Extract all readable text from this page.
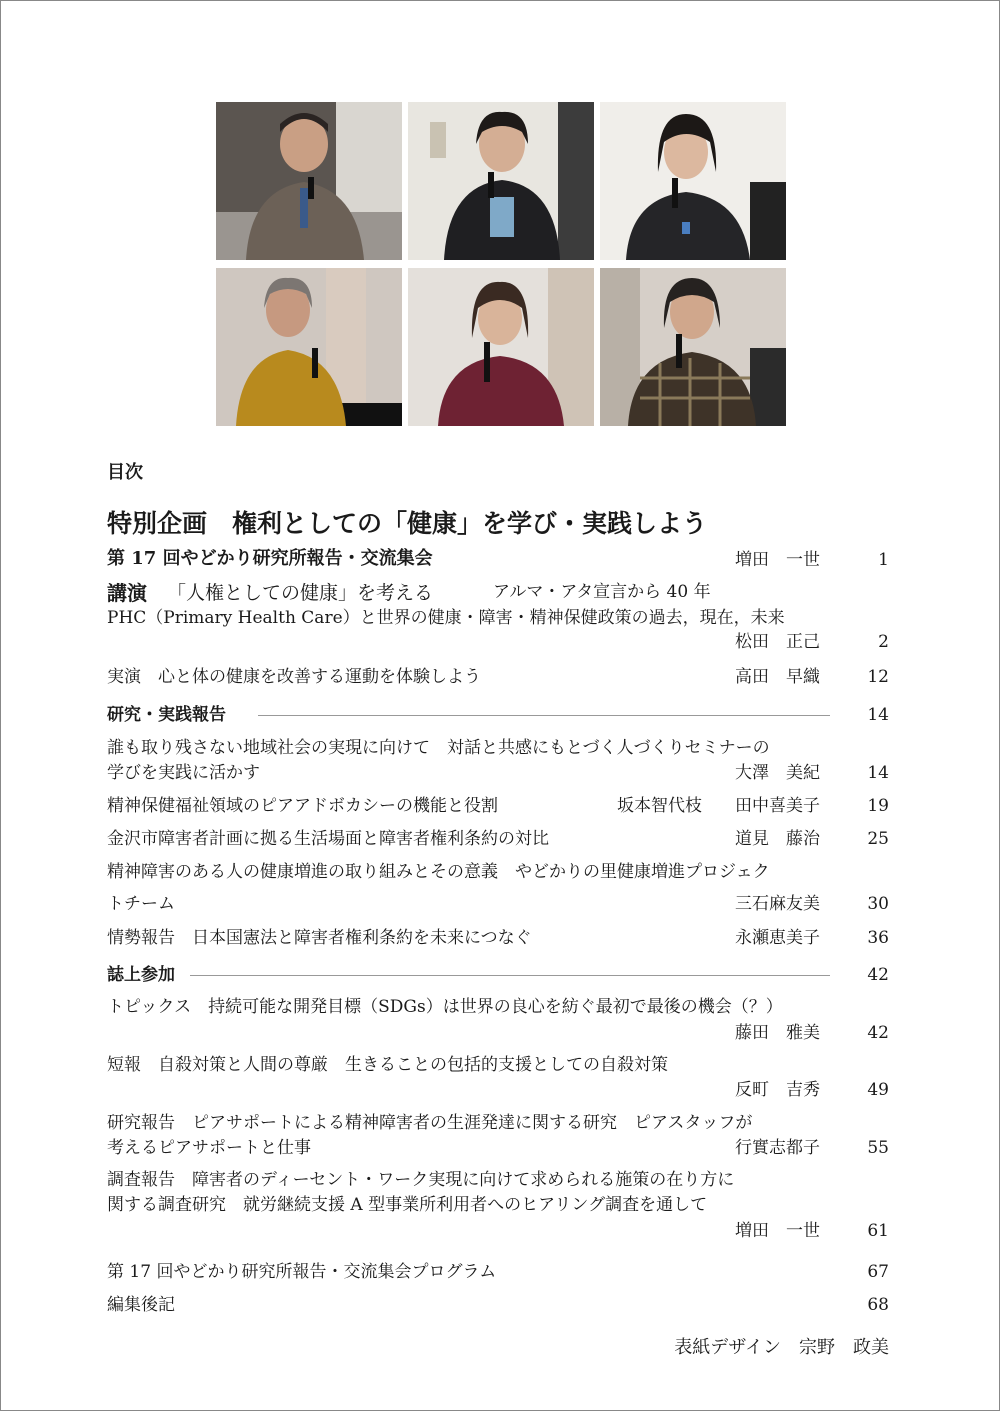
目次
特別企画　権利としての「健康」を学び・実践しよう
第 17 回やどかり研究所報告・交流集会	増田　一世	1
講演 「人権としての健康」を考える	アルマ・アタ宣言から 40 年
PHC（Primary Health Care）と世界の健康・障害・精神保健政策の過去，現在，未来
松田　正己	2
実演　心と体の健康を改善する運動を体験しよう	高田　早織	12
研究・実践報告	14
誰も取り残さない地域社会の実現に向けて　対話と共感にもとづく人づくりセミナーの
学びを実践に活かす	大澤　美紀	14
精神保健福祉領域のピアアドボカシーの機能と役割	坂本智代枝 田中喜美子	19
金沢市障害者計画に拠る生活場面と障害者権利条約の対比	道見　藤治	25
精神障害のある人の健康増進の取り組みとその意義　やどかりの里健康増進プロジェク
トチーム	三石麻友美	30
情勢報告　日本国憲法と障害者権利条約を未来につなぐ	永瀬恵美子	36
誌上参加	42
トピックス　持続可能な開発目標（SDGs）は世界の良心を紡ぐ最初で最後の機会（？）
藤田　雅美	42
短報　自殺対策と人間の尊厳　生きることの包括的支援としての自殺対策
反町　吉秀	49
研究報告　ピアサポートによる精神障害者の生涯発達に関する研究　ピアスタッフが
考えるピアサポートと仕事	行實志都子	55
調査報告　障害者のディーセント・ワーク実現に向けて求められる施策の在り方に
関する調査研究　就労継続支援 A 型事業所利用者へのヒアリング調査を通して
増田　一世	61
第 17 回やどかり研究所報告・交流集会プログラム	67
編集後記	68
表紙デザイン　宗野　政美
